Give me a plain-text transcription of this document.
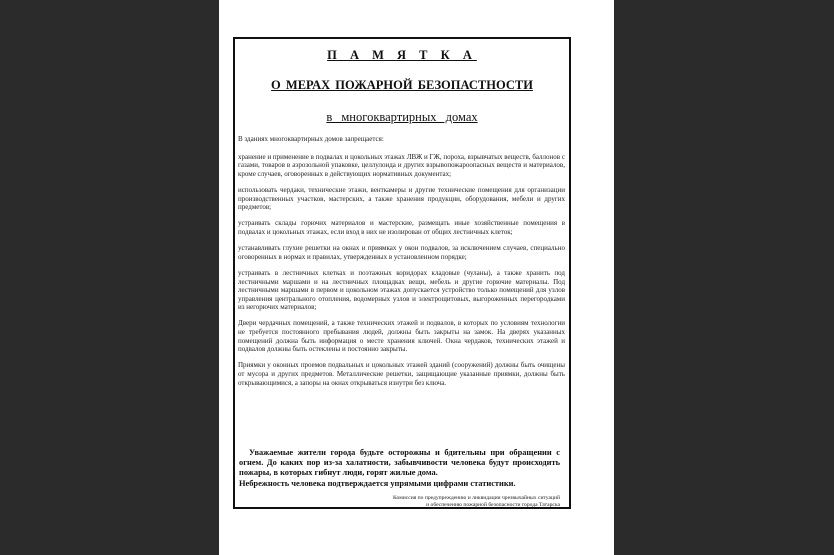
П А М Я Т К А
О МЕРАХ ПОЖАРНОЙ БЕЗОПАСТНОСТИ
в многоквартирных домах

В зданиях многоквартирных домов запрещается:

хранение и применение в подвалах и цокольных этажах ЛВЖ и ГЖ, пороха, взрывчатых веществ, баллонов с газами, товаров в аэрозольной упаковке, целлулоида и других взрывопожароопасных веществ и материалов, кроме случаев, оговоренных в действующих нормативных документах;

использовать чердаки, технические этажи, венткамеры и другие технические помещения для организации производственных участков, мастерских, а также хранения продукции, оборудования, мебели и других предметов;

устраивать склады горючих материалов и мастерские, размещать иные хозяйственные помещения в подвалах и цокольных этажах, если вход в них не изолирован от общих лестничных клеток;

устанавливать глухие решетки на окнах и приямках у окон подвалов, за исключением случаев, специально оговоренных в нормах и правилах, утвержденных в установленном порядке;

устраивать в лестничных клетках и поэтажных коридорах кладовые (чуланы), а также хранить под лестничными маршами и на лестничных площадках вещи, мебель и другие горючие материалы. Под лестничными маршами в первом и цокольном этажах допускается устройство только помещений для узлов управления центрального отопления, водомерных узлов и электрощитовых, выгороженных перегородками из негорючих материалов;

Двери чердачных помещений, а также технических этажей и подвалов, в которых по условиям технологии не требуется постоянного пребывания людей, должны быть закрыты на замок. На дверях указанных помещений должна быть информация о месте хранения ключей. Окна чердаков, технических этажей и подвалов должны быть остеклены и постоянно закрыты.

Приямки у оконных проемов подвальных и цокольных этажей зданий (сооружений) должны быть очищены от мусора и других предметов. Металлические решетки, защищающие указанные приямки, должны быть открывающимися, а запоры на окнах открываться изнутри без ключа.

Уважаемые жители города будьте осторожны и бдительны при обращении с огнем. До каких пор из-за халатности, забывчивости человека будут происходить пожары, в которых гибнут люди, горят жилые дома.
Небрежность человека подтверждается упрямыми цифрами статистики.
Комиссия по предупреждению и ликвидации чрезвычайных ситуаций
и обеспечению пожарной безопасности города Татарска
